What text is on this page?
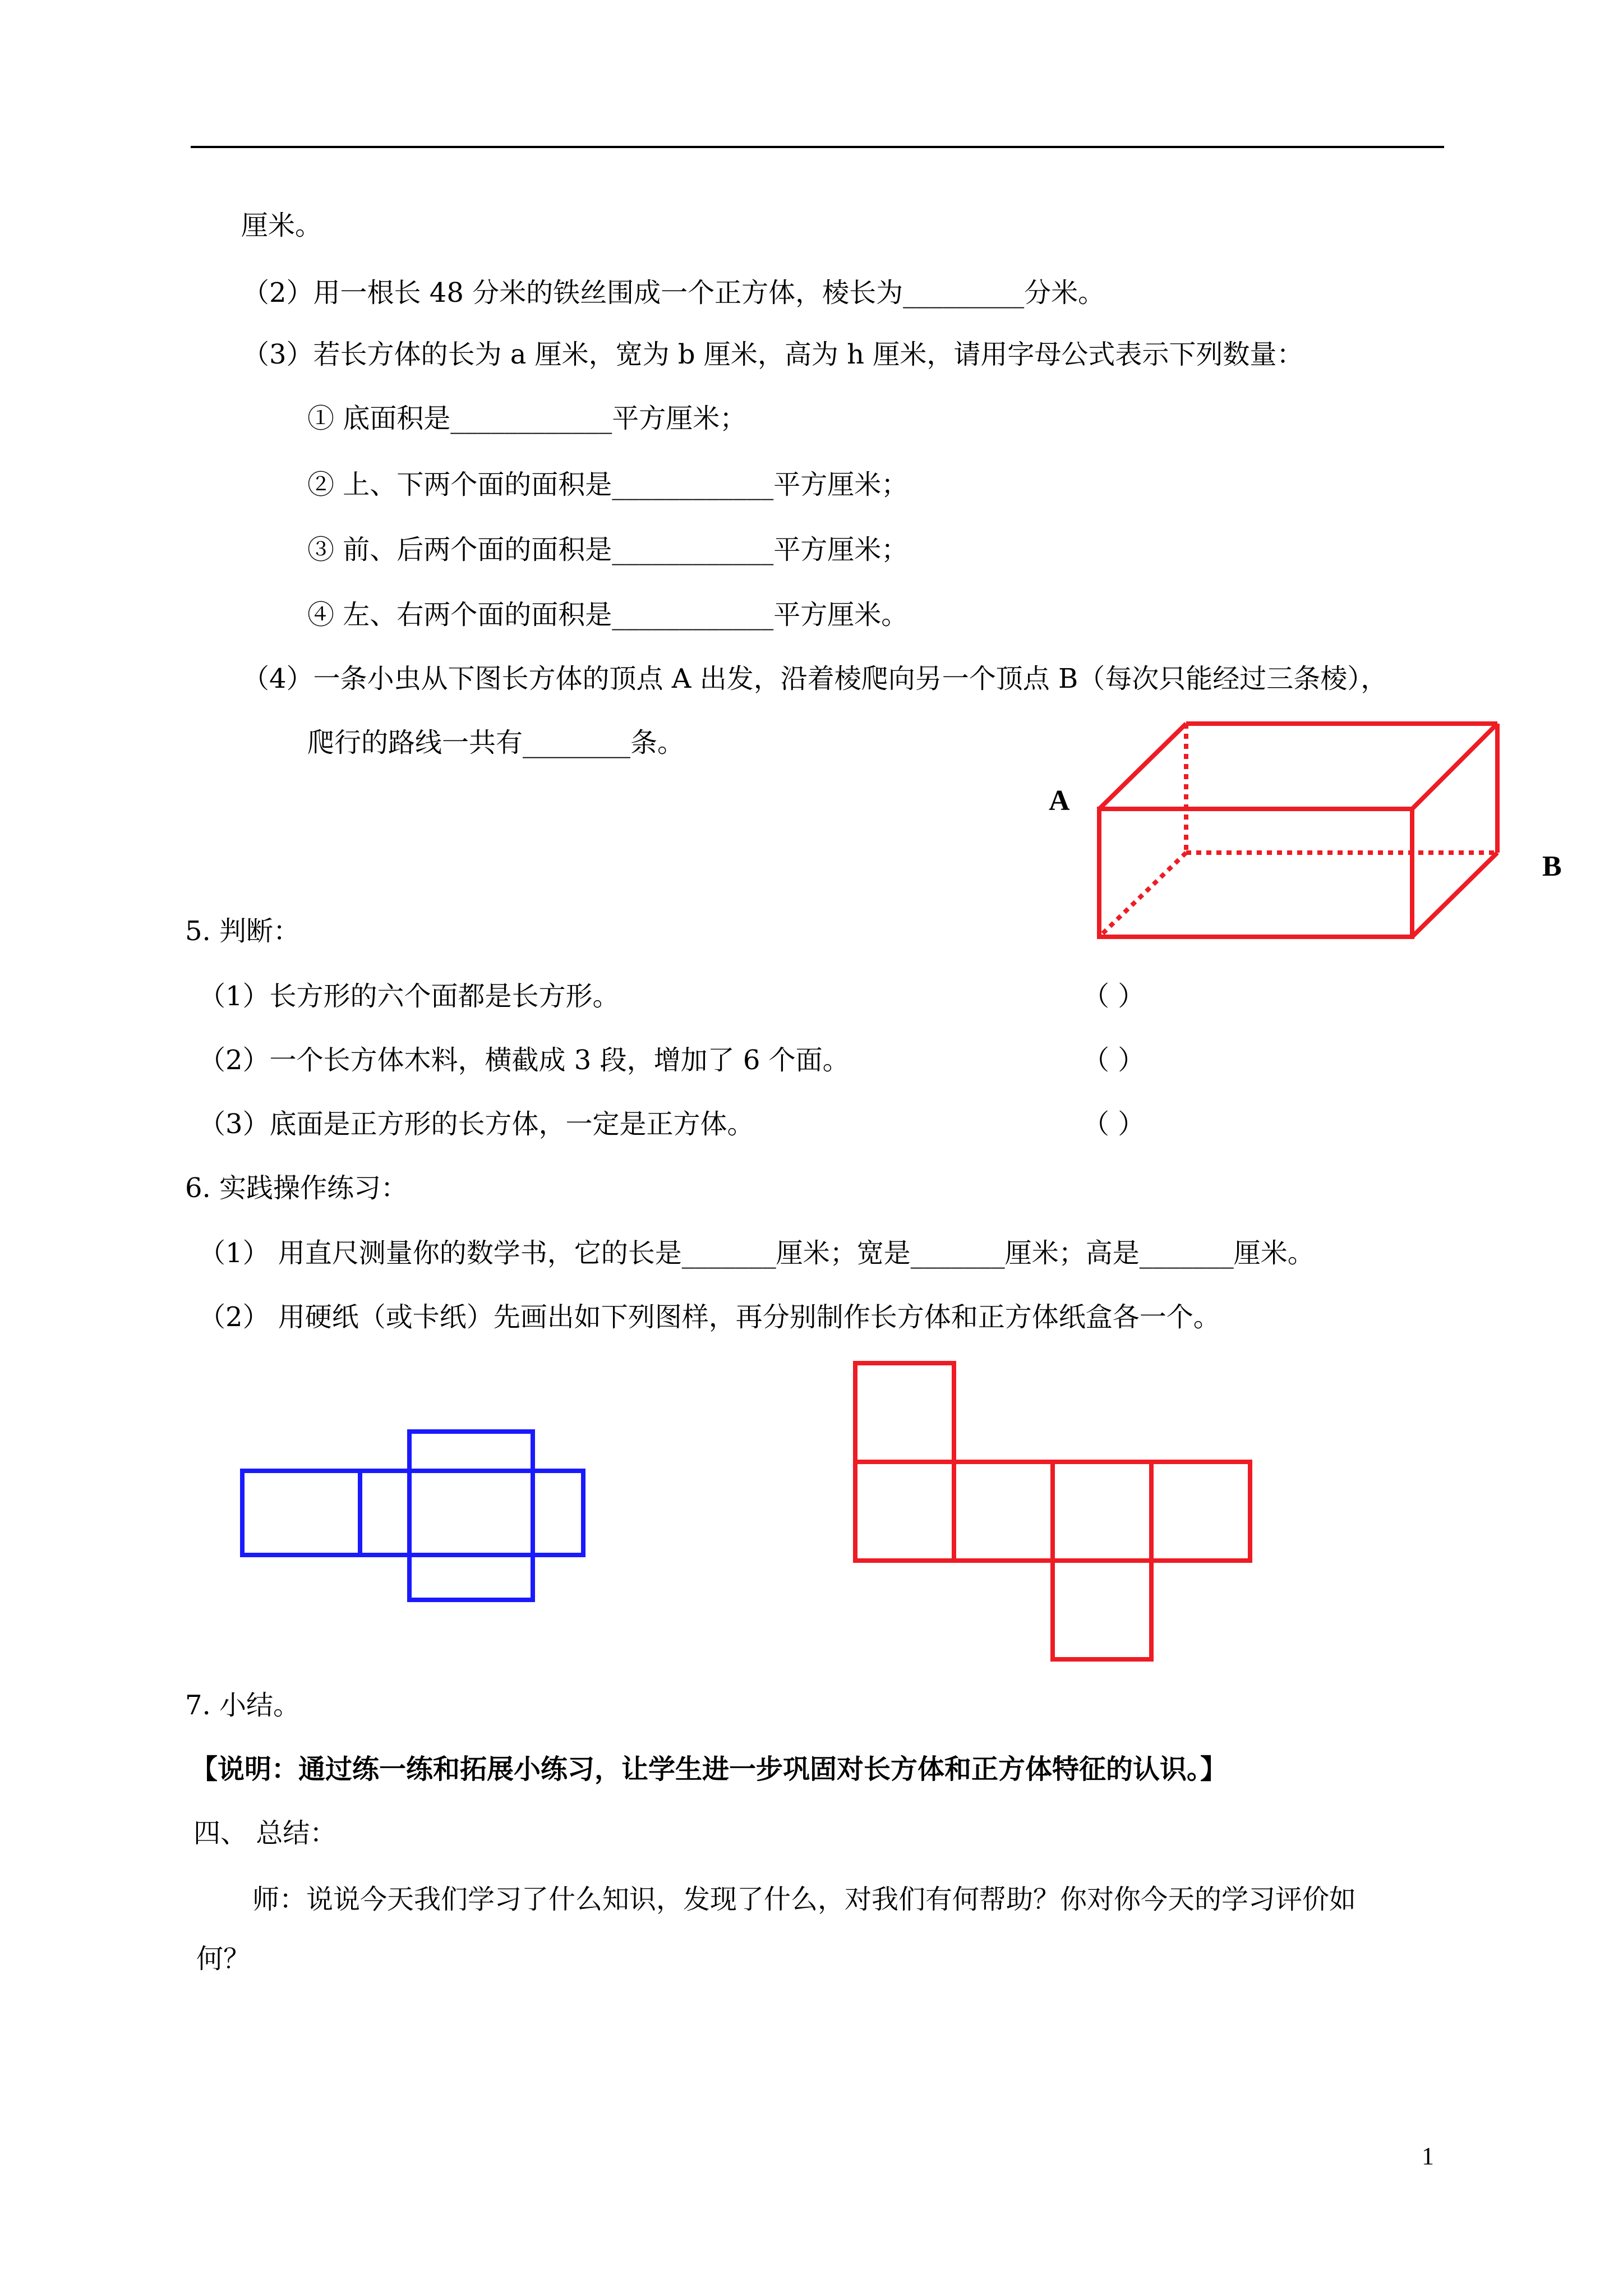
厘米。
（2）用一根长 48 分米的铁丝围成一个正方体，棱长为_________分米。
（3）若长方体的长为 a 厘米，宽为 b 厘米，高为 h 厘米，请用字母公式表示下列数量：
① 底面积是____________平方厘米；
② 上、下两个面的面积是____________平方厘米；
③ 前、后两个面的面积是____________平方厘米；
④ 左、右两个面的面积是____________平方厘米。
（4）一条小虫从下图长方体的顶点 A 出发，沿着棱爬向另一个顶点 B（每次只能经过三条棱），
爬行的路线一共有________条。
A
B
5. 判断：
（1）长方形的六个面都是长方形。	（ ）
（2）一个长方体木料，横截成 3 段，增加了 6 个面。	（ ）
（3）底面是正方形的长方体，一定是正方体。	（ ）
6. 实践操作练习：
（1） 用直尺测量你的数学书，它的长是_______厘米；宽是_______厘米；高是_______厘米。
（2） 用硬纸（或卡纸）先画出如下列图样，再分别制作长方体和正方体纸盒各一个。
7. 小结。
【说明：通过练一练和拓展小练习，让学生进一步巩固对长方体和正方体特征的认识。】
四、 总结：
师：说说今天我们学习了什么知识，发现了什么，对我们有何帮助？你对你今天的学习评价如
何？
1
